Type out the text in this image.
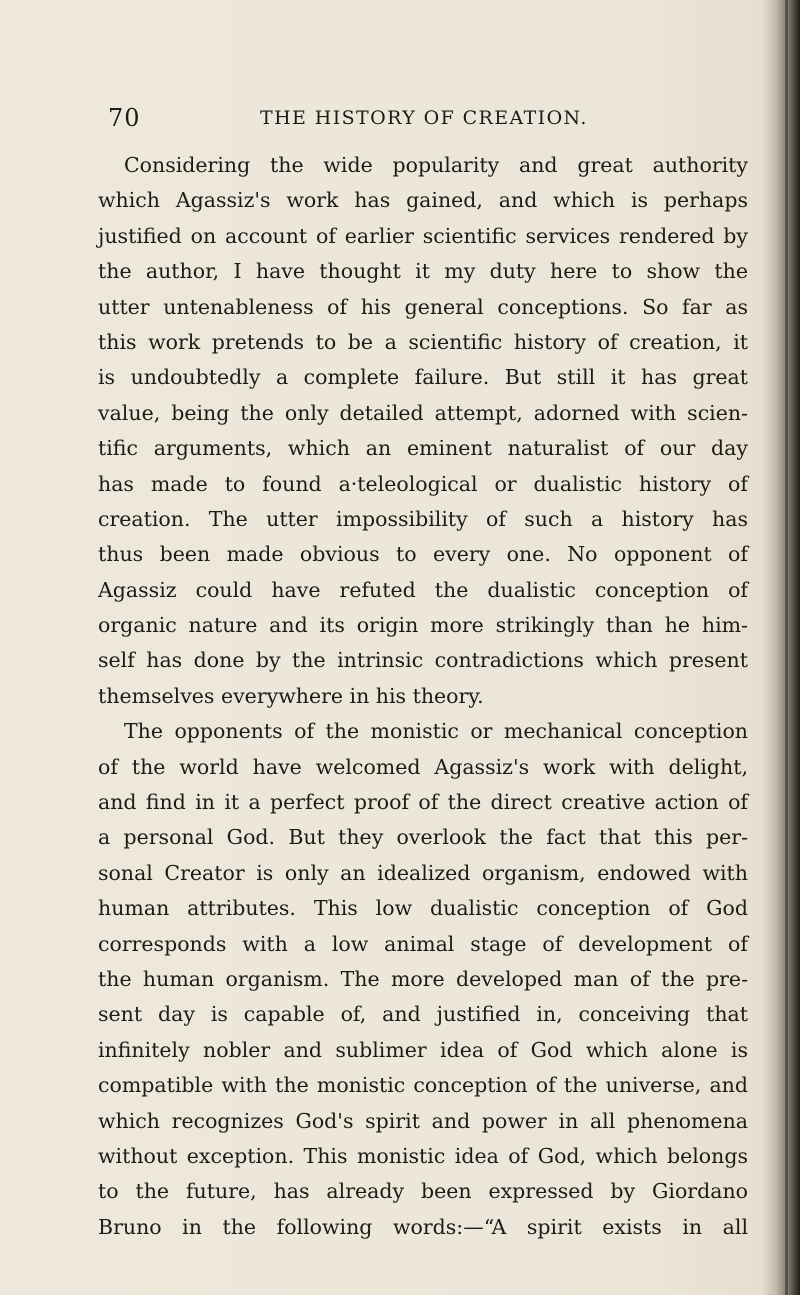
70	THE HISTORY OF CREATION.
Considering the wide popularity and great authority
which Agassiz's work has gained, and which is perhaps
justified on account of earlier scientific services rendered by
the author, I have thought it my duty here to show the
utter untenableness of his general conceptions. So far as
this work pretends to be a scientific history of creation, it
is undoubtedly a complete failure. But still it has great
value, being the only detailed attempt, adorned with scien-
tific arguments, which an eminent naturalist of our day
has made to found a·teleological or dualistic history of
creation. The utter impossibility of such a history has
thus been made obvious to every one. No opponent of
Agassiz could have refuted the dualistic conception of
organic nature and its origin more strikingly than he him-
self has done by the intrinsic contradictions which present
themselves everywhere in his theory.
The opponents of the monistic or mechanical conception
of the world have welcomed Agassiz's work with delight,
and find in it a perfect proof of the direct creative action of
a personal God. But they overlook the fact that this per-
sonal Creator is only an idealized organism, endowed with
human attributes. This low dualistic conception of God
corresponds with a low animal stage of development of
the human organism. The more developed man of the pre-
sent day is capable of, and justified in, conceiving that
infinitely nobler and sublimer idea of God which alone is
compatible with the monistic conception of the universe, and
which recognizes God's spirit and power in all phenomena
without exception. This monistic idea of God, which belongs
to the future, has already been expressed by Giordano
Bruno in the following words:—“A spirit exists in all
